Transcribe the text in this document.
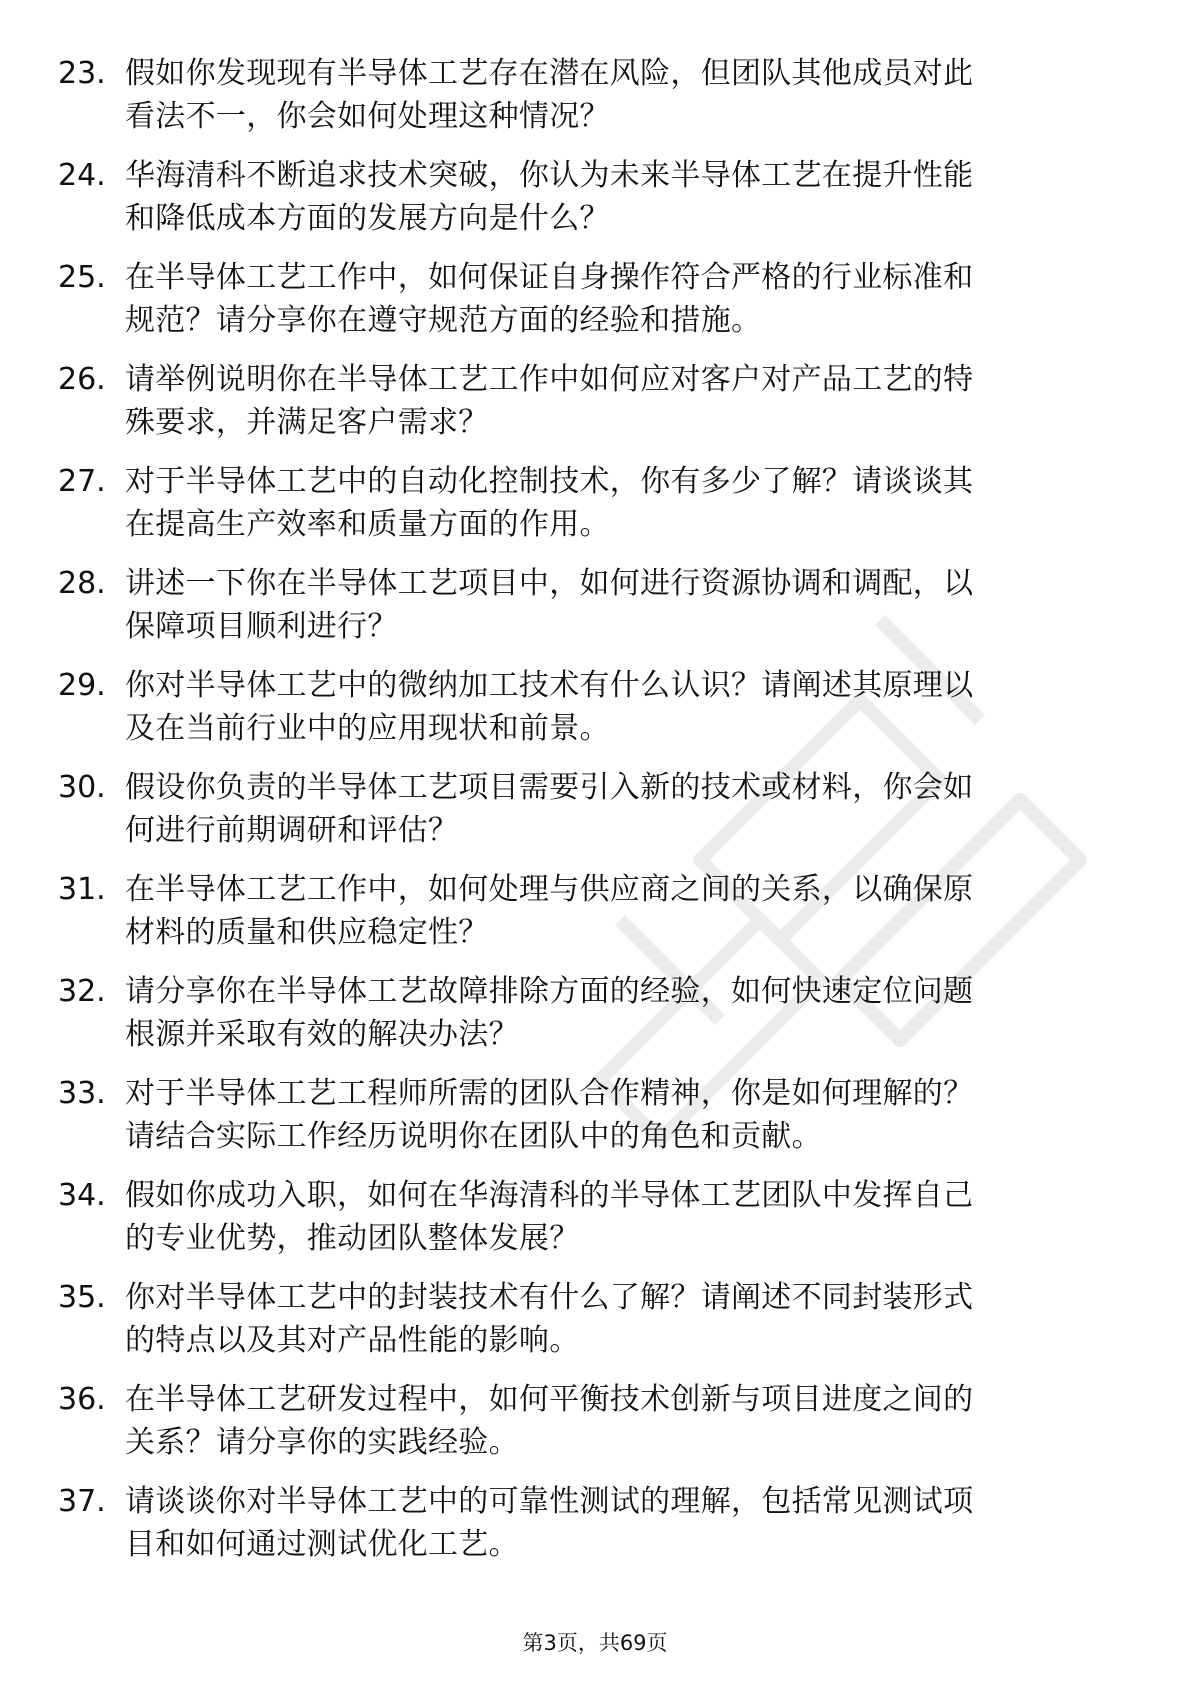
23. 假如你发现现有半导体工艺存在潜在风险，但团队其他成员对此
看法不一，你会如何处理这种情况？
24. 华海清科不断追求技术突破，你认为未来半导体工艺在提升性能
和降低成本方面的发展方向是什么？
25. 在半导体工艺工作中，如何保证自身操作符合严格的行业标准和
规范？请分享你在遵守规范方面的经验和措施。
26. 请举例说明你在半导体工艺工作中如何应对客户对产品工艺的特
殊要求，并满足客户需求？
27. 对于半导体工艺中的自动化控制技术，你有多少了解？请谈谈其
在提高生产效率和质量方面的作用。
28. 讲述一下你在半导体工艺项目中，如何进行资源协调和调配，以
保障项目顺利进行？
29. 你对半导体工艺中的微纳加工技术有什么认识？请阐述其原理以
及在当前行业中的应用现状和前景。
30. 假设你负责的半导体工艺项目需要引入新的技术或材料，你会如
何进行前期调研和评估？
31. 在半导体工艺工作中，如何处理与供应商之间的关系，以确保原
材料的质量和供应稳定性？
32. 请分享你在半导体工艺故障排除方面的经验，如何快速定位问题
根源并采取有效的解决办法？
33. 对于半导体工艺工程师所需的团队合作精神，你是如何理解的？
请结合实际工作经历说明你在团队中的角色和贡献。
34. 假如你成功入职，如何在华海清科的半导体工艺团队中发挥自己
的专业优势，推动团队整体发展？
35. 你对半导体工艺中的封装技术有什么了解？请阐述不同封装形式
的特点以及其对产品性能的影响。
36. 在半导体工艺研发过程中，如何平衡技术创新与项目进度之间的
关系？请分享你的实践经验。
37. 请谈谈你对半导体工艺中的可靠性测试的理解，包括常见测试项
目和如何通过测试优化工艺。
第3页，共69页
